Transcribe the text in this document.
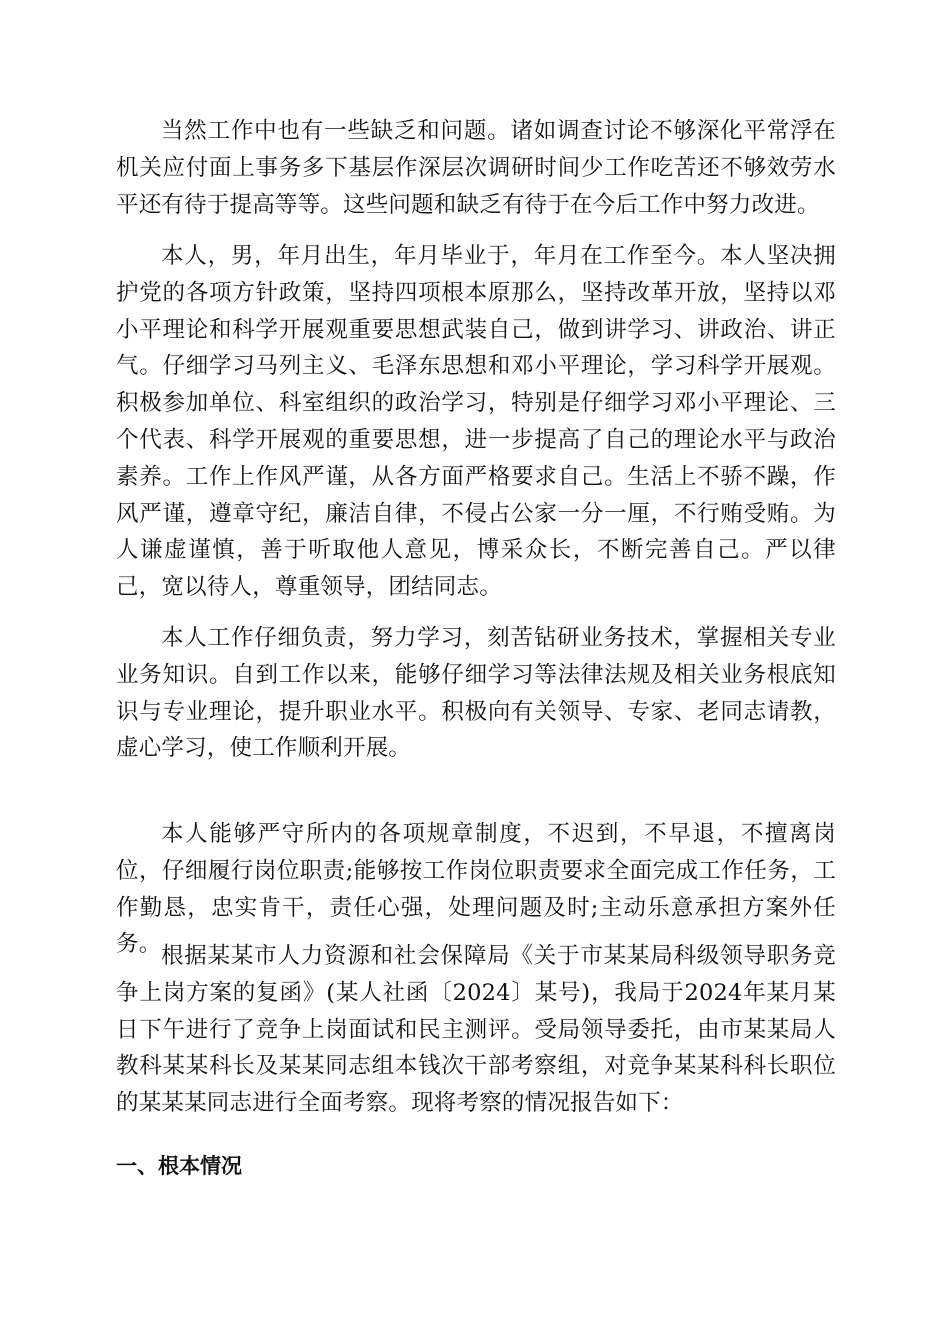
当然工作中也有一些缺乏和问题。诸如调查讨论不够深化平常浮在机关应付面上事务多下基层作深层次调研时间少工作吃苦还不够效劳水平还有待于提高等等。这些问题和缺乏有待于在今后工作中努力改进。

本人，男，年月出生，年月毕业于，年月在工作至今。本人坚决拥护党的各项方针政策，坚持四项根本原那么，坚持改革开放，坚持以邓小平理论和科学开展观重要思想武装自己，做到讲学习、讲政治、讲正气。仔细学习马列主义、毛泽东思想和邓小平理论，学习科学开展观。积极参加单位、科室组织的政治学习，特别是仔细学习邓小平理论、三个代表、科学开展观的重要思想，进一步提高了自己的理论水平与政治素养。工作上作风严谨，从各方面严格要求自己。生活上不骄不躁，作风严谨，遵章守纪，廉洁自律，不侵占公家一分一厘，不行贿受贿。为人谦虚谨慎，善于听取他人意见，博采众长，不断完善自己。严以律己，宽以待人，尊重领导，团结同志。

本人工作仔细负责，努力学习，刻苦钻研业务技术，掌握相关专业业务知识。自到工作以来，能够仔细学习等法律法规及相关业务根底知识与专业理论，提升职业水平。积极向有关领导、专家、老同志请教，虚心学习，使工作顺利开展。

本人能够严守所内的各项规章制度，不迟到，不早退，不擅离岗位，仔细履行岗位职责;能够按工作岗位职责要求全面完成工作任务，工作勤恳，忠实肯干，责任心强，处理问题及时;主动乐意承担方案外任务。 根据某某市人力资源和社会保障局《关于市某某局科级领导职务竞争上岗方案的复函》(某人社函〔2024〕某号)，我局于2024年某月某日下午进行了竞争上岗面试和民主测评。受局领导委托，由市某某局人教科某某科长及某某同志组本钱次干部考察组，对竞争某某科科长职位的某某某同志进行全面考察。现将考察的情况报告如下：

一、根本情况
